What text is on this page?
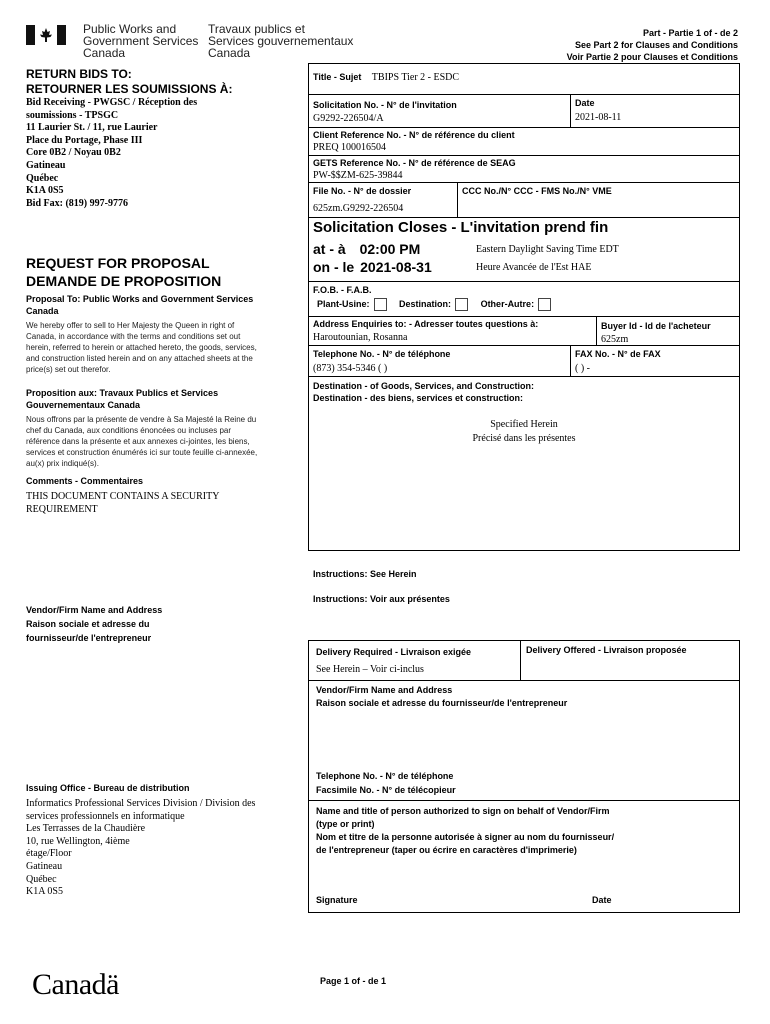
Public Works and
Government Services
Canada
Travaux publics et
Services gouvernementaux
Canada
Part - Partie 1 of - de 2
See Part 2 for Clauses and Conditions
Voir Partie 2 pour Clauses et Conditions
RETURN BIDS TO:
RETOURNER LES SOUMISSIONS À:
Bid Receiving - PWGSC / Réception des
soumissions - TPSGC
11 Laurier St. / 11, rue Laurier
Place du Portage, Phase III
Core 0B2 / Noyau 0B2
Gatineau
Québec
K1A 0S5
Bid Fax: (819) 997-9776
REQUEST FOR PROPOSAL
DEMANDE DE PROPOSITION
Proposal To: Public Works and Government Services Canada
We hereby offer to sell to Her Majesty the Queen in right of Canada, in accordance with the terms and conditions set out herein, referred to herein or attached hereto, the goods, services, and construction listed herein and on any attached sheets at the price(s) set out therefor.
Proposition aux: Travaux Publics et Services Gouvernementaux Canada
Nous offrons par la présente de vendre à Sa Majesté la Reine du chef du Canada, aux conditions énoncées ou incluses par référence dans la présente et aux annexes ci-jointes, les biens, services et construction énumérés ici sur toute feuille ci-annexée, au(x) prix indiqué(s).
Comments - Commentaires
THIS DOCUMENT CONTAINS A SECURITY REQUIREMENT
Vendor/Firm Name and Address
Raison sociale et adresse du
fournisseur/de l'entrepreneur
Issuing Office - Bureau de distribution
Informatics Professional Services Division / Division des
services professionnels en informatique
Les Terrasses de la Chaudière
10, rue Wellington, 4ième
étage/Floor
Gatineau
Québec
K1A 0S5
Title - Sujet TBIPS Tier 2 - ESDC
Solicitation No. - N° de l'invitation
G9292-226504/A
Date
2021-08-11
Client Reference No. - N° de référence du client
PREQ 100016504
GETS Reference No. - N° de référence de SEAG
PW-$$ZM-625-39844
File No. - N° de dossier
625zm.G9292-226504
CCC No./N° CCC - FMS No./N° VME
Solicitation Closes - L'invitation prend fin
at - à 02:00 PM
on - le 2021-08-31
Eastern Daylight Saving Time EDT
Heure Avancée de l'Est HAE
F.O.B. - F.A.B.
Plant-Usine:	Destination:	Other-Autre:
Address Enquiries to: - Adresser toutes questions à:
Haroutounian, Rosanna
Buyer Id - Id de l'acheteur
625zm
Telephone No. - N° de téléphone
(873) 354-5346 ( )
FAX No. - N° de FAX
( ) -
Destination - of Goods, Services, and Construction:
Destination - des biens, services et construction:
Specified Herein
Précisé dans les présentes
Instructions: See Herein
Instructions: Voir aux présentes
Delivery Required - Livraison exigée
See Herein – Voir ci-inclus
Delivery Offered - Livraison proposée
Vendor/Firm Name and Address
Raison sociale et adresse du fournisseur/de l'entrepreneur
Telephone No. - N° de téléphone
Facsimile No. - N° de télécopieur
Name and title of person authorized to sign on behalf of Vendor/Firm
(type or print)
Nom et titre de la personne autorisée à signer au nom du fournisseur/
de l'entrepreneur (taper ou écrire en caractères d'imprimerie)
Signature	Date
Canadä	Page 1 of - de 1
